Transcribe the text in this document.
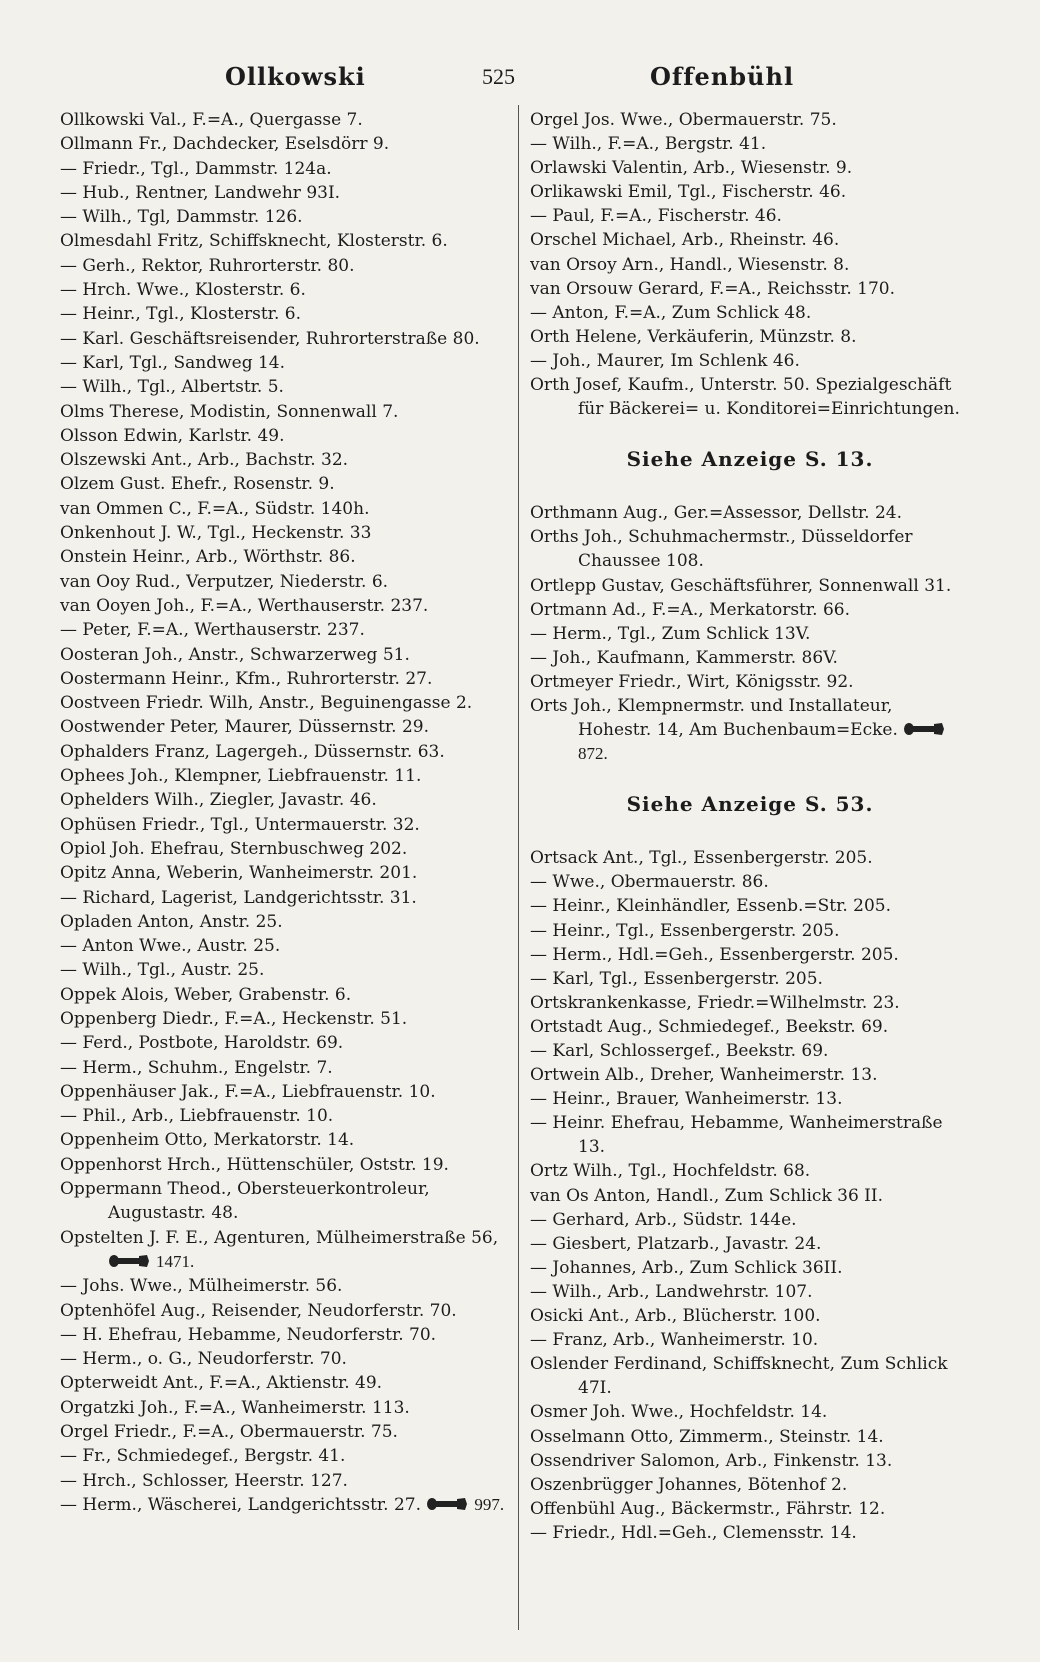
Ollkowski	525	Offenbühl

Ollkowski Val., F.=A., Quergasse 7.

Ollmann Fr., Dachdecker, Eselsdörr 9.

— Friedr., Tgl., Dammstr. 124a.

— Hub., Rentner, Landwehr 93I.

— Wilh., Tgl, Dammstr. 126.

Olmesdahl Fritz, Schiffsknecht, Klosterstr. 6.

— Gerh., Rektor, Ruhrorterstr. 80.

— Hrch. Wwe., Klosterstr. 6.

— Heinr., Tgl., Klosterstr. 6.

— Karl. Geschäftsreisender, Ruhrorterstraße 80.

— Karl, Tgl., Sandweg 14.

— Wilh., Tgl., Albertstr. 5.

Olms Therese, Modistin, Sonnenwall 7.

Olsson Edwin, Karlstr. 49.

Olszewski Ant., Arb., Bachstr. 32.

Olzem Gust. Ehefr., Rosenstr. 9.

van Ommen C., F.=A., Südstr. 140h.

Onkenhout J. W., Tgl., Heckenstr. 33

Onstein Heinr., Arb., Wörthstr. 86.

van Ooy Rud., Verputzer, Niederstr. 6.

van Ooyen Joh., F.=A., Werthauserstr. 237.

— Peter, F.=A., Werthauserstr. 237.

Oosteran Joh., Anstr., Schwarzerweg 51.

Oostermann Heinr., Kfm., Ruhrorterstr. 27.

Oostveen Friedr. Wilh, Anstr., Beguinengasse 2.

Oostwender Peter, Maurer, Düssernstr. 29.

Ophalders Franz, Lagergeh., Düssernstr. 63.

Ophees Joh., Klempner, Liebfrauenstr. 11.

Ophelders Wilh., Ziegler, Javastr. 46.

Ophüsen Friedr., Tgl., Untermauerstr. 32.

Opiol Joh. Ehefrau, Sternbuschweg 202.

Opitz Anna, Weberin, Wanheimerstr. 201.

— Richard, Lagerist, Landgerichtsstr. 31.

Opladen Anton, Anstr. 25.

— Anton Wwe., Austr. 25.

— Wilh., Tgl., Austr. 25.

Oppek Alois, Weber, Grabenstr. 6.

Oppenberg Diedr., F.=A., Heckenstr. 51.

— Ferd., Postbote, Haroldstr. 69.

— Herm., Schuhm., Engelstr. 7.

Oppenhäuser Jak., F.=A., Liebfrauenstr. 10.

— Phil., Arb., Liebfrauenstr. 10.

Oppenheim Otto, Merkatorstr. 14.

Oppenhorst Hrch., Hüttenschüler, Oststr. 19.

Oppermann Theod., Obersteuerkontroleur, Augustastr. 48.

Opstelten J. F. E., Agenturen, Mülheimerstraße 56, 1471.

— Johs. Wwe., Mülheimerstr. 56.

Optenhöfel Aug., Reisender, Neudorferstr. 70.

— H. Ehefrau, Hebamme, Neudorferstr. 70.

— Herm., o. G., Neudorferstr. 70.

Opterweidt Ant., F.=A., Aktienstr. 49.

Orgatzki Joh., F.=A., Wanheimerstr. 113.

Orgel Friedr., F.=A., Obermauerstr. 75.

— Fr., Schmiedegef., Bergstr. 41.

— Hrch., Schlosser, Heerstr. 127.

— Herm., Wäscherei, Landgerichtsstr. 27.	997.

Orgel Jos. Wwe., Obermauerstr. 75.

— Wilh., F.=A., Bergstr. 41.

Orlawski Valentin, Arb., Wiesenstr. 9.

Orlikawski Emil, Tgl., Fischerstr. 46.

— Paul, F.=A., Fischerstr. 46.

Orschel Michael, Arb., Rheinstr. 46.

van Orsoy Arn., Handl., Wiesenstr. 8.

van Orsouw Gerard, F.=A., Reichsstr. 170.

— Anton, F.=A., Zum Schlick 48.

Orth Helene, Verkäuferin, Münzstr. 8.

— Joh., Maurer, Im Schlenk 46.

Orth Josef, Kaufm., Unterstr. 50. Spezialgeschäft für Bäckerei= u. Konditorei=Einrichtungen.

Siehe Anzeige S. 13.

Orthmann Aug., Ger.=Assessor, Dellstr. 24.

Orths Joh., Schuhmachermstr., Düsseldorfer Chaussee 108.

Ortlepp Gustav, Geschäftsführer, Sonnenwall 31.

Ortmann Ad., F.=A., Merkatorstr. 66.

— Herm., Tgl., Zum Schlick 13V.

— Joh., Kaufmann, Kammerstr. 86V.

Ortmeyer Friedr., Wirt, Königsstr. 92.

Orts Joh., Klempnermstr. und Installateur, Hohestr. 14, Am Buchenbaum=Ecke. 872.

Siehe Anzeige S. 53.

Ortsack Ant., Tgl., Essenbergerstr. 205.

— Wwe., Obermauerstr. 86.

— Heinr., Kleinhändler, Essenb.=Str. 205.

— Heinr., Tgl., Essenbergerstr. 205.

— Herm., Hdl.=Geh., Essenbergerstr. 205.

— Karl, Tgl., Essenbergerstr. 205.

Ortskrankenkasse, Friedr.=Wilhelmstr. 23.

Ortstadt Aug., Schmiedegef., Beekstr. 69.

— Karl, Schlossergef., Beekstr. 69.

Ortwein Alb., Dreher, Wanheimerstr. 13.

— Heinr., Brauer, Wanheimerstr. 13.

— Heinr. Ehefrau, Hebamme, Wanheimerstraße 13.

Ortz Wilh., Tgl., Hochfeldstr. 68.

van Os Anton, Handl., Zum Schlick 36 II.

— Gerhard, Arb., Südstr. 144e.

— Giesbert, Platzarb., Javastr. 24.

— Johannes, Arb., Zum Schlick 36II.

— Wilh., Arb., Landwehrstr. 107.

Osicki Ant., Arb., Blücherstr. 100.

— Franz, Arb., Wanheimerstr. 10.

Oslender Ferdinand, Schiffsknecht, Zum Schlick 47I.

Osmer Joh. Wwe., Hochfeldstr. 14.

Osselmann Otto, Zimmerm., Steinstr. 14.

Ossendriver Salomon, Arb., Finkenstr. 13.

Oszenbrügger Johannes, Bötenhof 2.

Offenbühl Aug., Bäckermstr., Fährstr. 12.

— Friedr., Hdl.=Geh., Clemensstr. 14.
